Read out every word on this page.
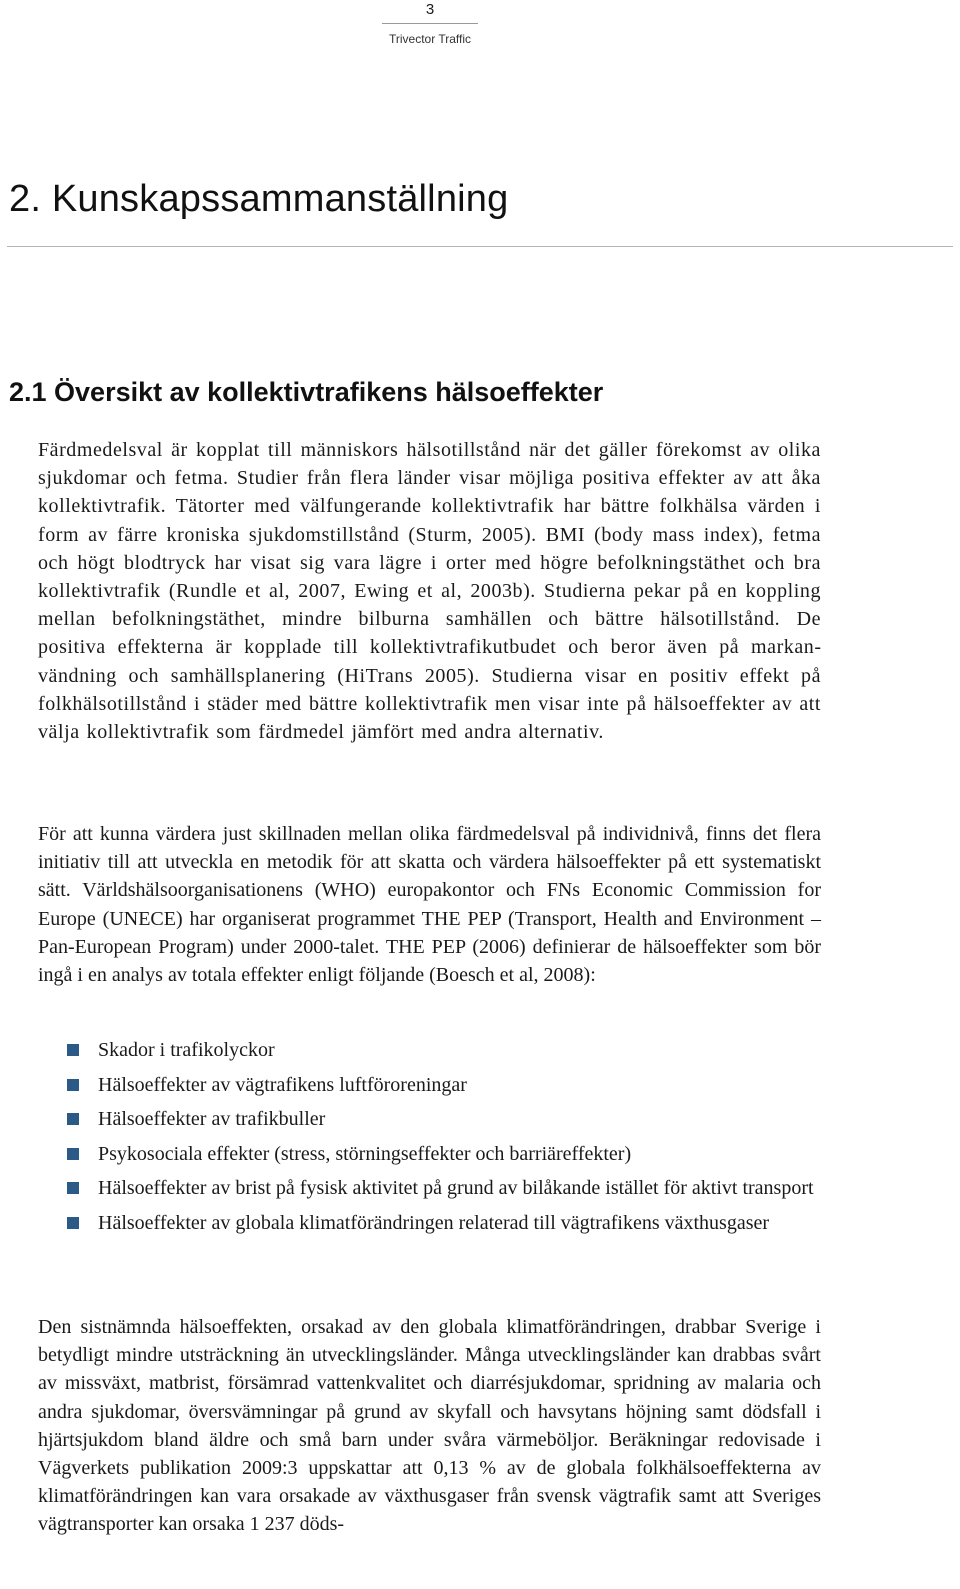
3
Trivector Traffic
2. Kunskapssammanställning
2.1 Översikt av kollektivtrafikens hälsoeffekter

Färdmedelsval är kopplat till människors hälsotillstånd när det gäller förekomst av olika sjukdomar och fetma. Studier från flera länder visar möjliga positiva effekter av att åka kollektivtrafik. Tätorter med välfungerande kollektivtrafik har bättre folkhälsa värden i form av färre kroniska sjukdomstillstånd (Sturm, 2005). BMI (body mass index), fetma och högt blodtryck har visat sig vara lägre i orter med högre befolkningstäthet och bra kollektivtrafik (Rundle et al, 2007, Ewing et al, 2003b). Studierna pekar på en koppling mellan befolkningstäthet, mindre bilburna samhällen och bättre hälsotillstånd. De positiva effekterna är kopplade till kollektivtrafikutbudet och beror även på markanvändning och samhällsplanering (HiTrans 2005). Studierna visar en positiv effekt på folkhälsotillstånd i städer med bättre kollektivtrafik men visar inte på hälsoeffekter av att välja kollektivtrafik som färdmedel jämfört med andra alternativ.

För att kunna värdera just skillnaden mellan olika färdmedelsval på individnivå, finns det flera initiativ till att utveckla en metodik för att skatta och värdera hälsoeffekter på ett systematiskt sätt. Världshälsoorganisationens (WHO) europakontor och FNs Economic Commission for Europe (UNECE) har organiserat programmet THE PEP (Transport, Health and Environment – Pan-European Program) under 2000-talet. THE PEP (2006) definierar de hälsoeffekter som bör ingå i en analys av totala effekter enligt följande (Boesch et al, 2008):

Skador i trafikolyckor
Hälsoeffekter av vägtrafikens luftföroreningar
Hälsoeffekter av trafikbuller
Psykosociala effekter (stress, störningseffekter och barriäreffekter)
Hälsoeffekter av brist på fysisk aktivitet på grund av bilåkande istället för aktivt transport
Hälsoeffekter av globala klimatförändringen relaterad till vägtrafikens växthusgaser

Den sistnämnda hälsoeffekten, orsakad av den globala klimatförändringen, drabbar Sverige i betydligt mindre utsträckning än utvecklingsländer. Många utvecklingsländer kan drabbas svårt av missväxt, matbrist, försämrad vattenkvalitet och diarrésjukdomar, spridning av malaria och andra sjukdomar, översvämningar på grund av skyfall och havsytans höjning samt dödsfall i hjärtsjukdom bland äldre och små barn under svåra värmeböljor. Beräkningar redovisade i Vägverkets publikation 2009:3 uppskattar att 0,13 % av de globala folkhälsoeffekterna av klimatförändringen kan vara orsakade av växthusgaser från svensk vägtrafik samt att Sveriges vägtransporter kan orsaka 1 237 döds-
